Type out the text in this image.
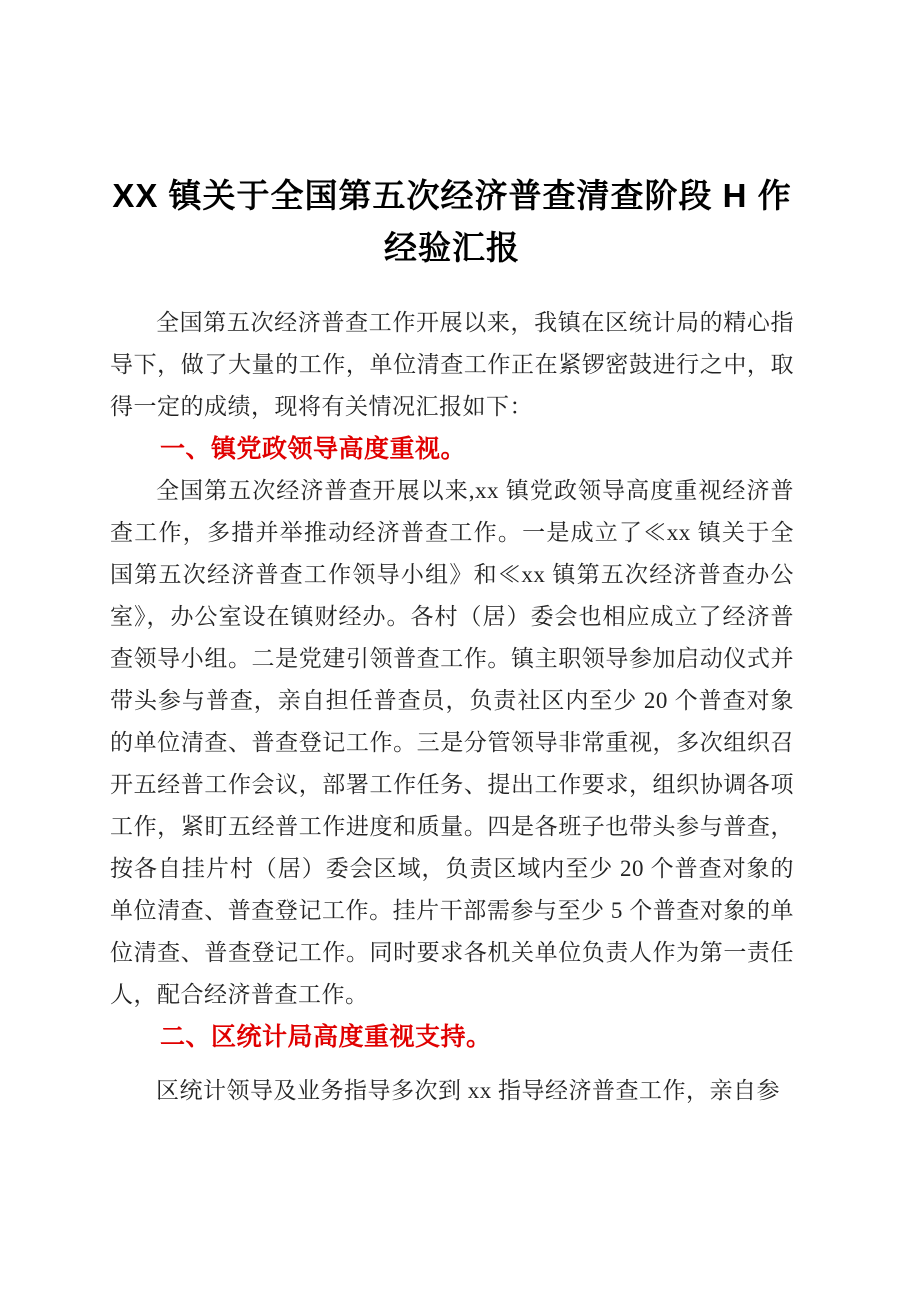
XX 镇关于全国第五次经济普查清查阶段 H 作
经验汇报

全国第五次经济普查工作开展以来，我镇在区统计局的精心指导下，做了大量的工作，单位清查工作正在紧锣密鼓进行之中，取得一定的成绩，现将有关情况汇报如下：

一、镇党政领导高度重视。

全国第五次经济普查开展以来,xx 镇党政领导高度重视经济普查工作，多措并举推动经济普查工作。一是成立了≪xx 镇关于全国第五次经济普查工作领导小组》和≪xx 镇第五次经济普查办公室》，办公室设在镇财经办。各村（居）委会也相应成立了经济普查领导小组。二是党建引领普查工作。镇主职领导参加启动仪式并带头参与普查，亲自担任普查员，负责社区内至少 20 个普查对象的单位清查、普查登记工作。三是分管领导非常重视，多次组织召开五经普工作会议，部署工作任务、提出工作要求，组织协调各项工作，紧盯五经普工作进度和质量。四是各班子也带头参与普查，按各自挂片村（居）委会区域，负责区域内至少 20 个普查对象的单位清查、普查登记工作。挂片干部需参与至少 5 个普查对象的单位清查、普查登记工作。同时要求各机关单位负责人作为第一责任人，配合经济普查工作。

二、区统计局高度重视支持。

区统计领导及业务指导多次到 xx 指导经济普查工作，亲自参
